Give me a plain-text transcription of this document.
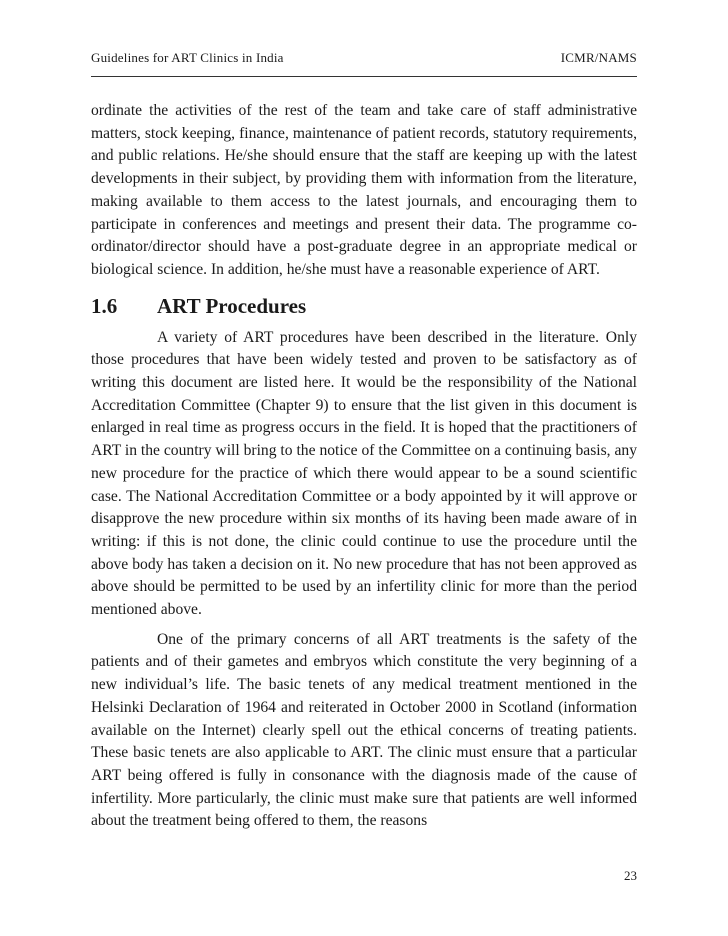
Guidelines for ART Clinics in India	ICMR/NAMS

ordinate the activities of the rest of the team and take care of staff administrative matters, stock keeping, finance, maintenance of patient records, statutory requirements, and public relations. He/she should ensure that the staff are keeping up with the latest developments in their subject, by providing them with information from the literature, making available to them access to the latest journals, and encouraging them to participate in conferences and meetings and present their data. The programme co-ordinator/director should have a post-graduate degree in an appropriate medical or biological science. In addition, he/she must have a reasonable experience of ART.

1.6	ART Procedures

A variety of ART procedures have been described in the literature. Only those procedures that have been widely tested and proven to be satisfactory as of writing this document are listed here. It would be the responsibility of the National Accreditation Committee (Chapter 9) to ensure that the list given in this document is enlarged in real time as progress occurs in the field. It is hoped that the practitioners of ART in the country will bring to the notice of the Committee on a continuing basis, any new procedure for the practice of which there would appear to be a sound scientific case. The National Accreditation Committee or a body appointed by it will approve or disapprove the new procedure within six months of its having been made aware of in writing: if this is not done, the clinic could continue to use the procedure until the above body has taken a decision on it. No new procedure that has not been approved as above should be permitted to be used by an infertility clinic for more than the period mentioned above.

One of the primary concerns of all ART treatments is the safety of the patients and of their gametes and embryos which constitute the very beginning of a new individual’s life. The basic tenets of any medical treatment mentioned in the Helsinki Declaration of 1964 and reiterated in October 2000 in Scotland (information available on the Internet) clearly spell out the ethical concerns of treating patients. These basic tenets are also applicable to ART. The clinic must ensure that a particular ART being offered is fully in consonance with the diagnosis made of the cause of infertility. More particularly, the clinic must make sure that patients are well informed about the treatment being offered to them, the reasons

23
